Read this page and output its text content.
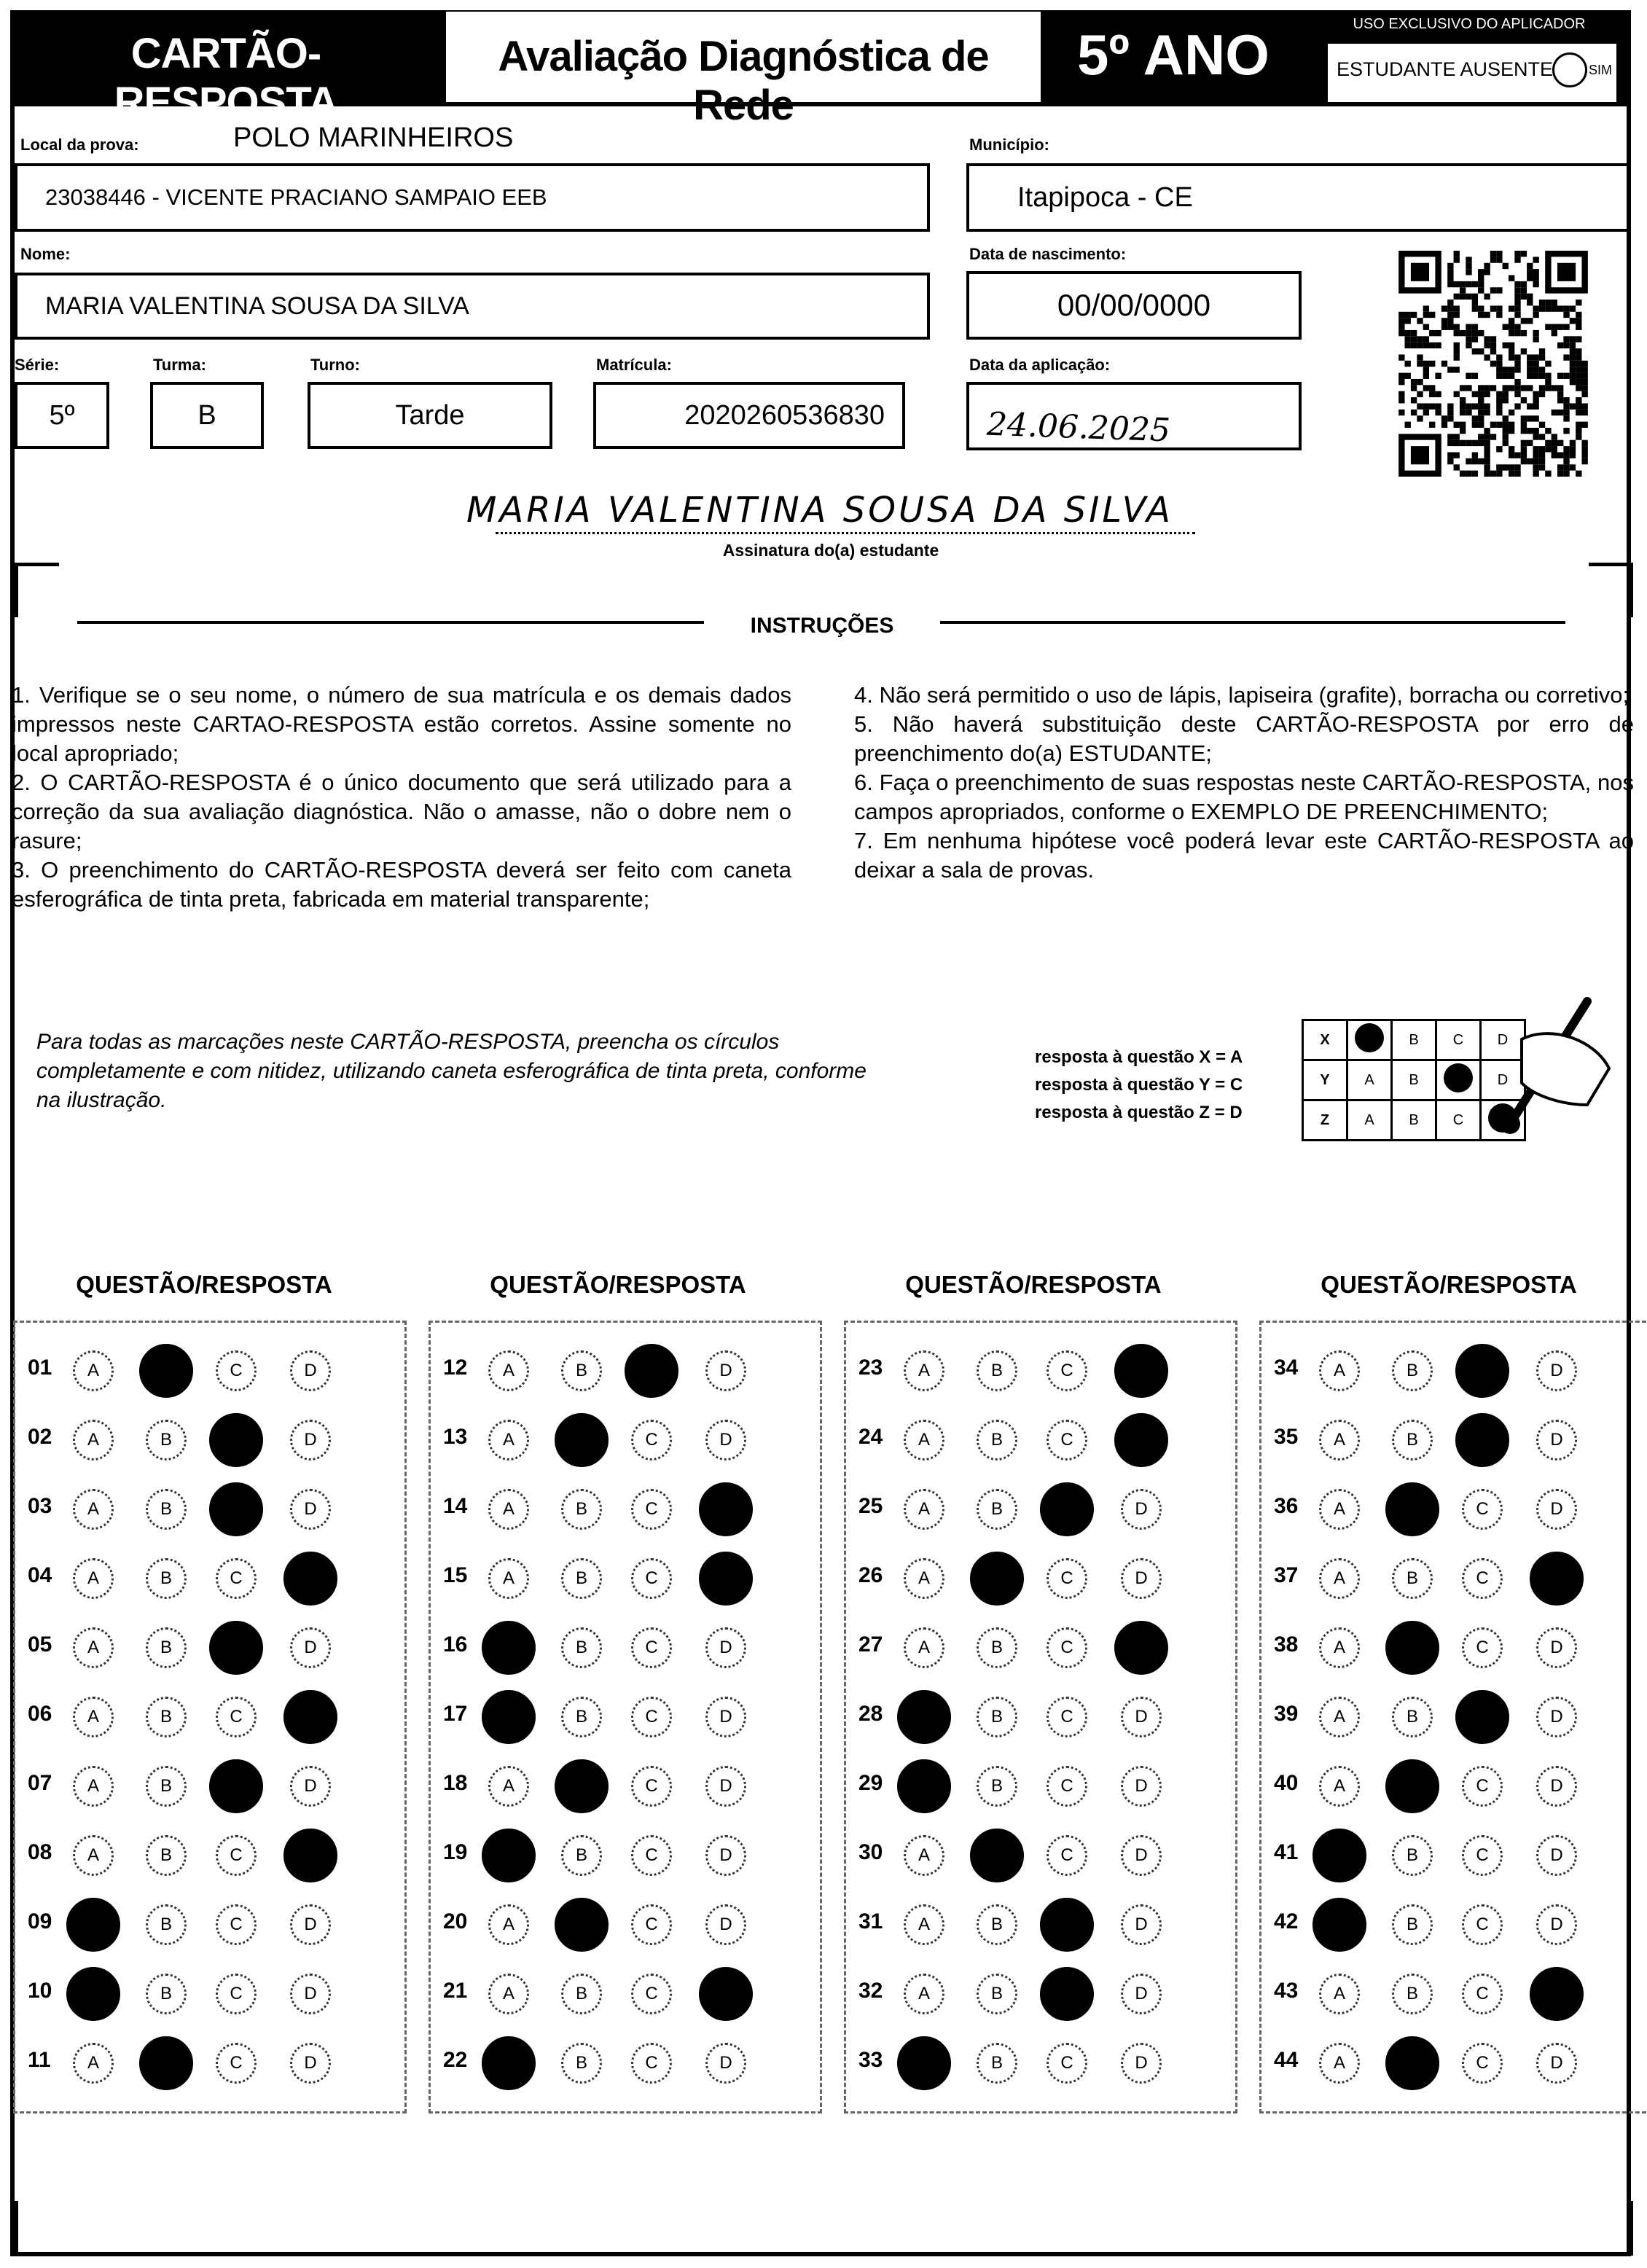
CARTÃO-RESPOSTA
Avaliação Diagnóstica de Rede
5º ANO	USO EXCLUSIVO DO APLICADOR
ESTUDANTE AUSENTE	SIM
Local da prova:	POLO MARINHEIROS
23038446 - VICENTE PRACIANO SAMPAIO EEB
Município:
Itapipoca - CE
Nome:
MARIA VALENTINA SOUSA DA SILVA
Data de nascimento:
00/00/0000
Série:
5º
Turma:
B
Turno:
Tarde
Matrícula:
2020260536830
Data da aplicação:
24.06.2025
MARIA VALENTINA SOUSA DA SILVA
Assinatura do(a) estudante
INSTRUÇÕES

1. Verifique se o seu nome, o número de sua matrícula e os demais dados impressos neste CARTAO-RESPOSTA estão corretos. Assine somente no local apropriado;

2. O CARTÃO-RESPOSTA é o único documento que será utilizado para a correção da sua avaliação diagnóstica. Não o amasse, não o dobre nem o rasure;

3. O preenchimento do CARTÃO-RESPOSTA deverá ser feito com caneta esferográfica de tinta preta, fabricada em material transparente;

4. Não será permitido o uso de lápis, lapiseira (grafite), borracha ou corretivo;

5. Não haverá substituição deste CARTÃO-RESPOSTA por erro de preenchimento do(a) ESTUDANTE;

6. Faça o preenchimento de suas respostas neste CARTÃO-RESPOSTA, nos campos apropriados, conforme o EXEMPLO DE PREENCHIMENTO;

7. Em nenhuma hipótese você poderá levar este CARTÃO-RESPOSTA ao deixar a sala de provas.

Para todas as marcações neste CARTÃO-RESPOSTA, preencha os círculos completamente e com nitidez, utilizando caneta esferográfica de tinta preta, conforme na ilustração.
resposta à questão X = A
resposta à questão Y = C
resposta à questão Z = D
X		B	C	D
Y	A	B		D
Z	A	B	C	
QUESTÃO/RESPOSTA	QUESTÃO/RESPOSTA	QUESTÃO/RESPOSTA	QUESTÃO/RESPOSTA
01 A	B	C	D
02 A	B	C	D
03 A	B	C	D
04 A	B	C	D
05 A	B	C	D
06 A	B	C	D
07 A	B	C	D
08 A	B	C	D
09 A	B	C	D
10 A	B	C	D
11 A	B	C	D
12 A	B	C	D
13 A	B	C	D
14 A	B	C	D
15 A	B	C	D
16 A	B	C	D
17 A	B	C	D
18 A	B	C	D
19 A	B	C	D
20 A	B	C	D
21 A	B	C	D
22 A	B	C	D
23 A	B	C	D
24 A	B	C	D
25 A	B	C	D
26 A	B	C	D
27 A	B	C	D
28 A	B	C	D
29 A	B	C	D
30 A	B	C	D
31 A	B	C	D
32 A	B	C	D
33 A	B	C	D
34 A	B	C	D
35 A	B	C	D
36 A	B	C	D
37 A	B	C	D
38 A	B	C	D
39 A	B	C	D
40 A	B	C	D
41 A	B	C	D
42 A	B	C	D
43 A	B	C	D
44 A	B	C	D
